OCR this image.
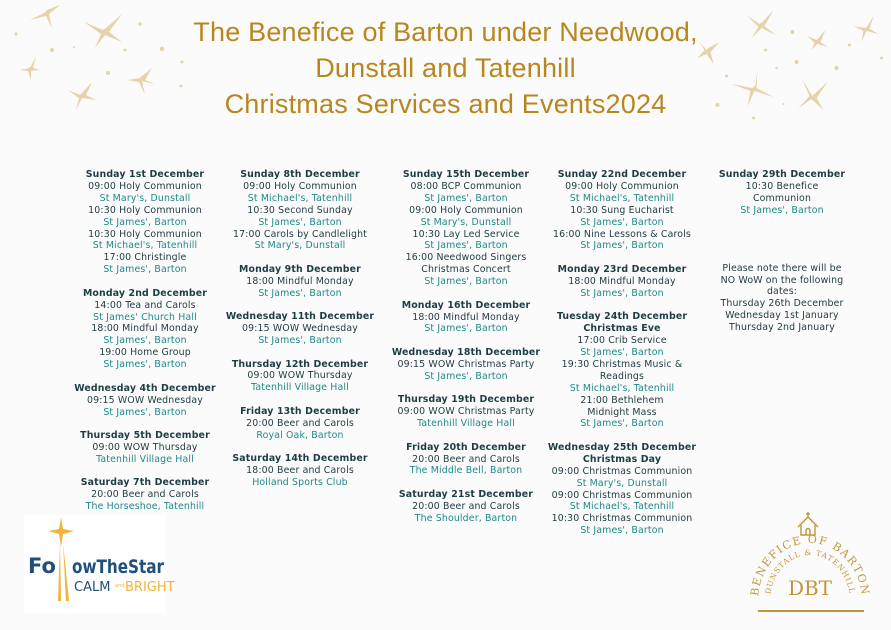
The Benefice of Barton under Needwood,
Dunstall and Tatenhill
Christmas Services and Events2024
Sunday 1st December
09:00 Holy Communion
St Mary's, Dunstall
10:30 Holy Communion
St James', Barton
10:30 Holy Communion
St Michael's, Tatenhill
17:00 Christingle
St James', Barton
Monday 2nd December
14:00 Tea and Carols
St James' Church Hall
18:00 Mindful Monday
St James', Barton
19:00 Home Group
St James', Barton
Wednesday 4th December
09:15 WOW Wednesday
St James', Barton
Thursday 5th December
09:00 WOW Thursday
Tatenhill Village Hall
Saturday 7th December
20:00 Beer and Carols
The Horseshoe, Tatenhill
Sunday 8th December
09:00 Holy Communion
St Michael's, Tatenhill
10:30 Second Sunday
St James', Barton
17:00 Carols by Candlelight
St Mary's, Dunstall
Monday 9th December
18:00 Mindful Monday
St James', Barton
Wednesday 11th December
09:15 WOW Wednesday
St James', Barton
Thursday 12th December
09:00 WOW Thursday
Tatenhill Village Hall
Friday 13th December
20:00 Beer and Carols
Royal Oak, Barton
Saturday 14th December
18:00 Beer and Carols
Holland Sports Club
Sunday 15th December
08:00 BCP Communion
St James', Barton
09:00 Holy Communion
St Mary's, Dunstall
10:30 Lay Led Service
St James', Barton
16:00 Needwood Singers
Christmas Concert
St James', Barton
Monday 16th December
18:00 Mindful Monday
St James', Barton
Wednesday 18th December
09:15 WOW Christmas Party
St James', Barton
Thursday 19th December
09:00 WOW Christmas Party
Tatenhill Village Hall
Friday 20th December
20:00 Beer and Carols
The Middle Bell, Barton
Saturday 21st December
20:00 Beer and Carols
The Shoulder, Barton
Sunday 22nd December
09:00 Holy Communion
St Michael's, Tatenhill
10:30 Sung Eucharist
St James', Barton
16:00 Nine Lessons & Carols
St James', Barton
Monday 23rd December
18:00 Mindful Monday
St James', Barton
Tuesday 24th December
Christmas Eve
17:00 Crib Service
St James', Barton
19:30 Christmas Music &
Readings
St Michael's, Tatenhill
21:00 Bethlehem
Midnight Mass
St James', Barton
Wednesday 25th December
Christmas Day
09:00 Christmas Communion
St Mary's, Dunstall
09:00 Christmas Communion
St Michael's, Tatenhill
10:30 Christmas Communion
St James', Barton
Sunday 29th December
10:30 Benefice
Communion
St James', Barton
Please note there will be
NO WoW on the following
dates:
Thursday 26th December
Wednesday 1st January
Thursday 2nd January
Fo owTheStar
CALM and BRIGHT	BENEFICE OF BARTON
DUNSTALL & TATENHILL
DBT
